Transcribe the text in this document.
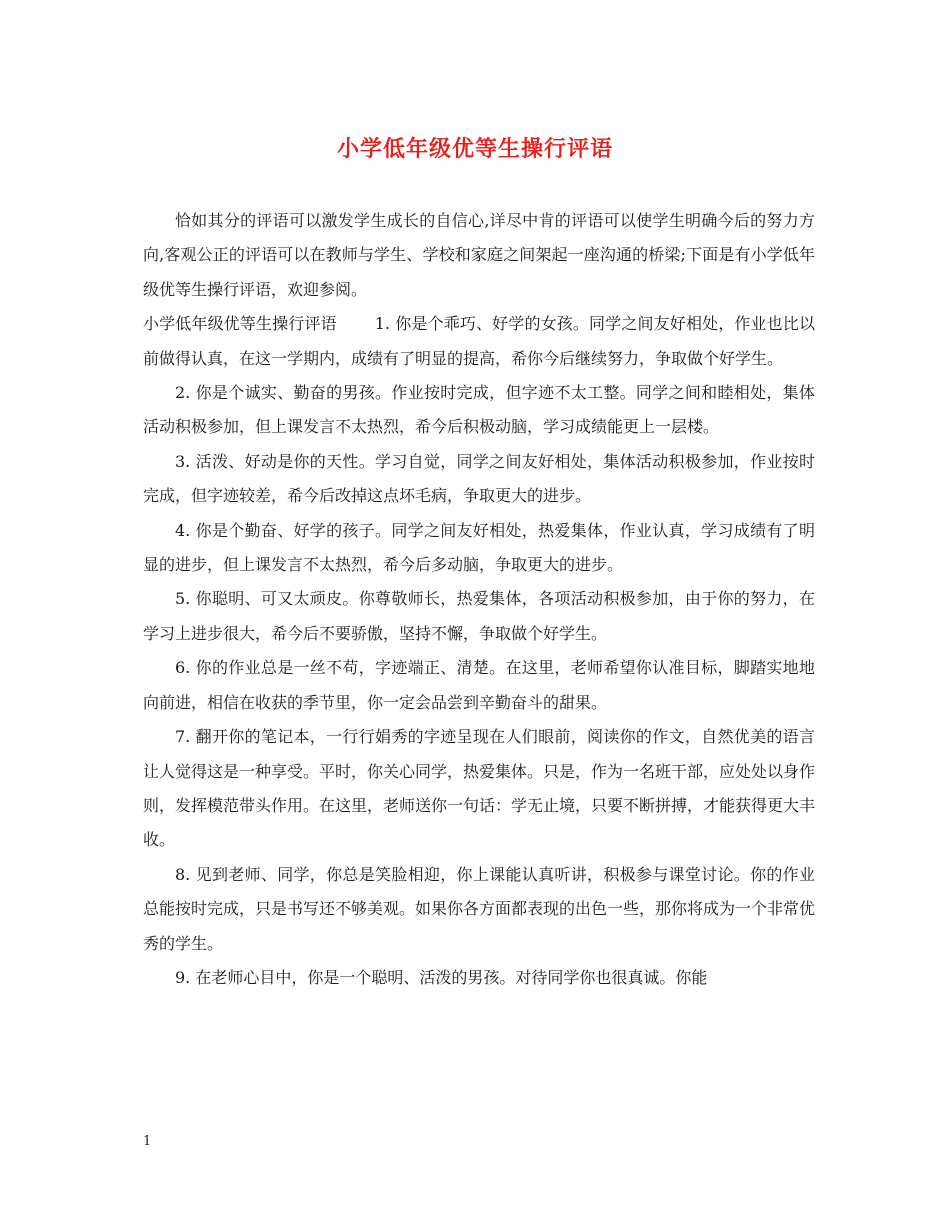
小学低年级优等生操行评语

恰如其分的评语可以激发学生成长的自信心,详尽中肯的评语可以使学生明确今后的努力方向,客观公正的评语可以在教师与学生、学校和家庭之间架起一座沟通的桥梁;下面是有小学低年级优等生操行评语，欢迎参阅。

小学低年级优等生操行评语 1. 你是个乖巧、好学的女孩。同学之间友好相处，作业也比以前做得认真，在这一学期内，成绩有了明显的提高，希你今后继续努力，争取做个好学生。

2. 你是个诚实、勤奋的男孩。作业按时完成，但字迹不太工整。同学之间和睦相处，集体活动积极参加，但上课发言不太热烈，希今后积极动脑，学习成绩能更上一层楼。

3. 活泼、好动是你的天性。学习自觉，同学之间友好相处，集体活动积极参加，作业按时完成，但字迹较差，希今后改掉这点坏毛病，争取更大的进步。

4. 你是个勤奋、好学的孩子。同学之间友好相处，热爱集体，作业认真，学习成绩有了明显的进步，但上课发言不太热烈，希今后多动脑，争取更大的进步。

5. 你聪明、可又太顽皮。你尊敬师长，热爱集体，各项活动积极参加，由于你的努力，在学习上进步很大，希今后不要骄傲，坚持不懈，争取做个好学生。

6. 你的作业总是一丝不苟，字迹端正、清楚。在这里，老师希望你认准目标，脚踏实地地向前进，相信在收获的季节里，你一定会品尝到辛勤奋斗的甜果。

7. 翻开你的笔记本，一行行娟秀的字迹呈现在人们眼前，阅读你的作文，自然优美的语言让人觉得这是一种享受。平时，你关心同学，热爱集体。只是，作为一名班干部，应处处以身作则，发挥模范带头作用。在这里，老师送你一句话：学无止境，只要不断拼搏，才能获得更大丰收。

8. 见到老师、同学，你总是笑脸相迎，你上课能认真听讲，积极参与课堂讨论。你的作业总能按时完成，只是书写还不够美观。如果你各方面都表现的出色一些，那你将成为一个非常优秀的学生。

9. 在老师心目中，你是一个聪明、活泼的男孩。对待同学你也很真诚。你能

1
